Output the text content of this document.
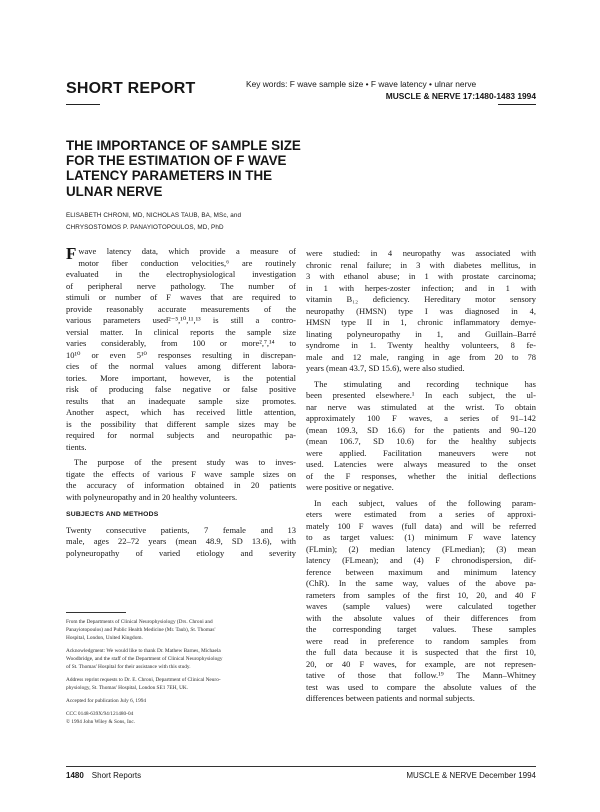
SHORT REPORT	Key words: F wave sample size • F wave latency • ulnar nerve
MUSCLE & NERVE 17:1480-1483 1994
THE IMPORTANCE OF SAMPLE SIZE
FOR THE ESTIMATION OF F WAVE
LATENCY PARAMETERS IN THE
ULNAR NERVE
ELISABETH CHRONI, MD, NICHOLAS TAUB, BA, MSc, and
CHRYSOSTOMOS P. PANAYIOTOPOULOS, MD, PhD
F wave latency data, which provide a measure of
motor fiber conduction velocities,⁶ are routinely
evaluated in the electrophysiological investigation
of peripheral nerve pathology. The number of
stimuli or number of F waves that are required to
provide reasonably accurate measurements of the
various parameters used²⁻⁵,¹⁰,¹¹,¹³ is still a contro-
versial matter. In clinical reports the sample size
varies considerably, from 100 or more²,⁷,¹⁴ to
10¹⁰ or even 5¹⁰ responses resulting in discrepan-
cies of the normal values among different labora-
tories. More important, however, is the potential
risk of producing false negative or false positive
results that an inadequate sample size promotes.
Another aspect, which has received little attention,
is the possibility that different sample sizes may be
required for normal subjects and neuropathic pa-
tients.
The purpose of the present study was to inves-
tigate the effects of various F wave sample sizes on
the accuracy of information obtained in 20 patients
with polyneuropathy and in 20 healthy volunteers.
SUBJECTS AND METHODS
Twenty consecutive patients, 7 female and 13
male, ages 22–72 years (mean 48.9, SD 13.6), with
polyneuropathy of varied etiology and severity
From the Departments of Clinical Neurophysiology (Drs. Chroni and
Panayiotopoulos) and Public Health Medicine (Mr. Taub), St. Thomas'
Hospital, London, United Kingdom.
Acknowledgment: We would like to thank Dr. Mathew Barnes, Michaela
Woodbridge, and the staff of the Department of Clinical Neurophysiology
of St. Thomas' Hospital for their assistance with this study.
Address reprint requests to Dr. E. Chroni, Department of Clinical Neuro-
physiology, St. Thomas' Hospital, London SE1 7EH, UK.
Accepted for publication July 6, 1994
CCC 0148-639X/94/121480-04
© 1994 John Wiley & Sons, Inc.
were studied: in 4 neuropathy was associated with
chronic renal failure; in 3 with diabetes mellitus, in
3 with ethanol abuse; in 1 with prostate carcinoma;
in 1 with herpes-zoster infection; and in 1 with
vitamin B₁₂ deficiency. Hereditary motor sensory
neuropathy (HMSN) type I was diagnosed in 4,
HMSN type II in 1, chronic inflammatory demye-
linating polyneuropathy in 1, and Guillain–Barré
syndrome in 1. Twenty healthy volunteers, 8 fe-
male and 12 male, ranging in age from 20 to 78
years (mean 43.7, SD 15.6), were also studied.
The stimulating and recording technique has
been presented elsewhere.¹ In each subject, the ul-
nar nerve was stimulated at the wrist. To obtain
approximately 100 F waves, a series of 91–142
(mean 109.3, SD 16.6) for the patients and 90–120
(mean 106.7, SD 10.6) for the healthy subjects
were applied. Facilitation maneuvers were not
used. Latencies were always measured to the onset
of the F responses, whether the initial deflections
were positive or negative.
In each subject, values of the following param-
eters were estimated from a series of approxi-
mately 100 F waves (full data) and will be referred
to as target values: (1) minimum F wave latency
(FLmin); (2) median latency (FLmedian); (3) mean
latency (FLmean); and (4) F chronodispersion, dif-
ference between maximum and minimum latency
(ChR). In the same way, values of the above pa-
rameters from samples of the first 10, 20, and 40 F
waves (sample values) were calculated together
with the absolute values of their differences from
the corresponding target values. These samples
were read in preference to random samples from
the full data because it is suspected that the first 10,
20, or 40 F waves, for example, are not represen-
tative of those that follow.¹⁹ The Mann–Whitney
test was used to compare the absolute values of the
differences between patients and normal subjects.
1480 Short Reports	MUSCLE & NERVE December 1994
